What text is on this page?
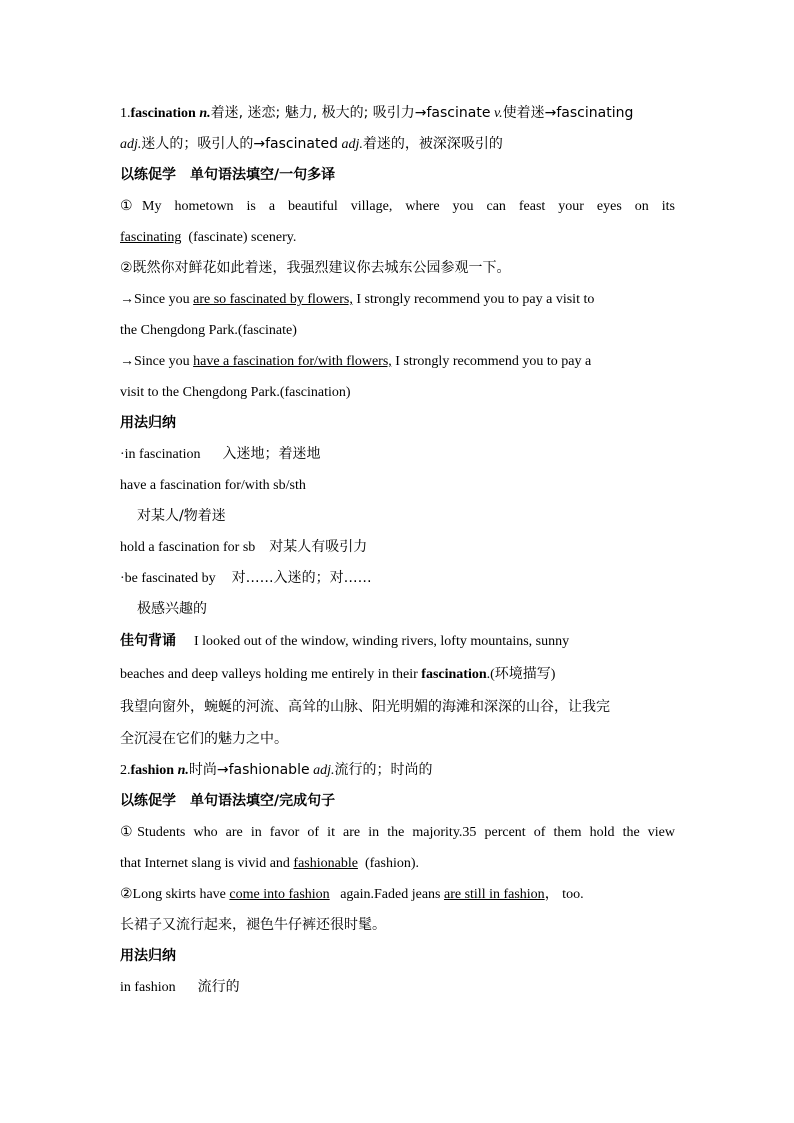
1.fascination n.着迷, 迷恋; 魅力, 极大的; 吸引力→fascinate v.使着迷→fascinating
adj.迷人的；吸引人的→fascinated adj.着迷的，被深深吸引的
以练促学　单句语法填空/一句多译
①My hometown is a beautiful village, where you can feast your eyes on its
fascinating (fascinate) scenery.
②既然你对鲜花如此着迷，我强烈建议你去城东公园参观一下。
→Since you are so fascinated by flowers, I strongly recommend you to pay a visit to
the Chengdong Park.(fascinate)
→Since you have a fascination for/with flowers, I strongly recommend you to pay a
visit to the Chengdong Park.(fascination)
用法归纳
·in fascination 入迷地；着迷地
have a fascination for/with sb/sth
对某人/物着迷
hold a fascination for sb 对某人有吸引力
·be fascinated by 对……入迷的；对……
极感兴趣的
佳句背诵 I looked out of the window, winding rivers, lofty mountains, sunny
beaches and deep valleys holding me entirely in their fascination.(环境描写)
我望向窗外，蜿蜒的河流、高耸的山脉、阳光明媚的海滩和深深的山谷，让我完
全沉浸在它们的魅力之中。
2.fashion n.时尚→fashionable adj.流行的；时尚的
以练促学　单句语法填空/完成句子
①Students who are in favor of it are in the majority.35 percent of them hold the view
that Internet slang is vivid and fashionable (fashion).
②Long skirts have come into fashion again.Faded jeans are still in fashion， too.
长裙子又流行起来，褪色牛仔裤还很时髦。
用法归纳
in fashion 流行的
